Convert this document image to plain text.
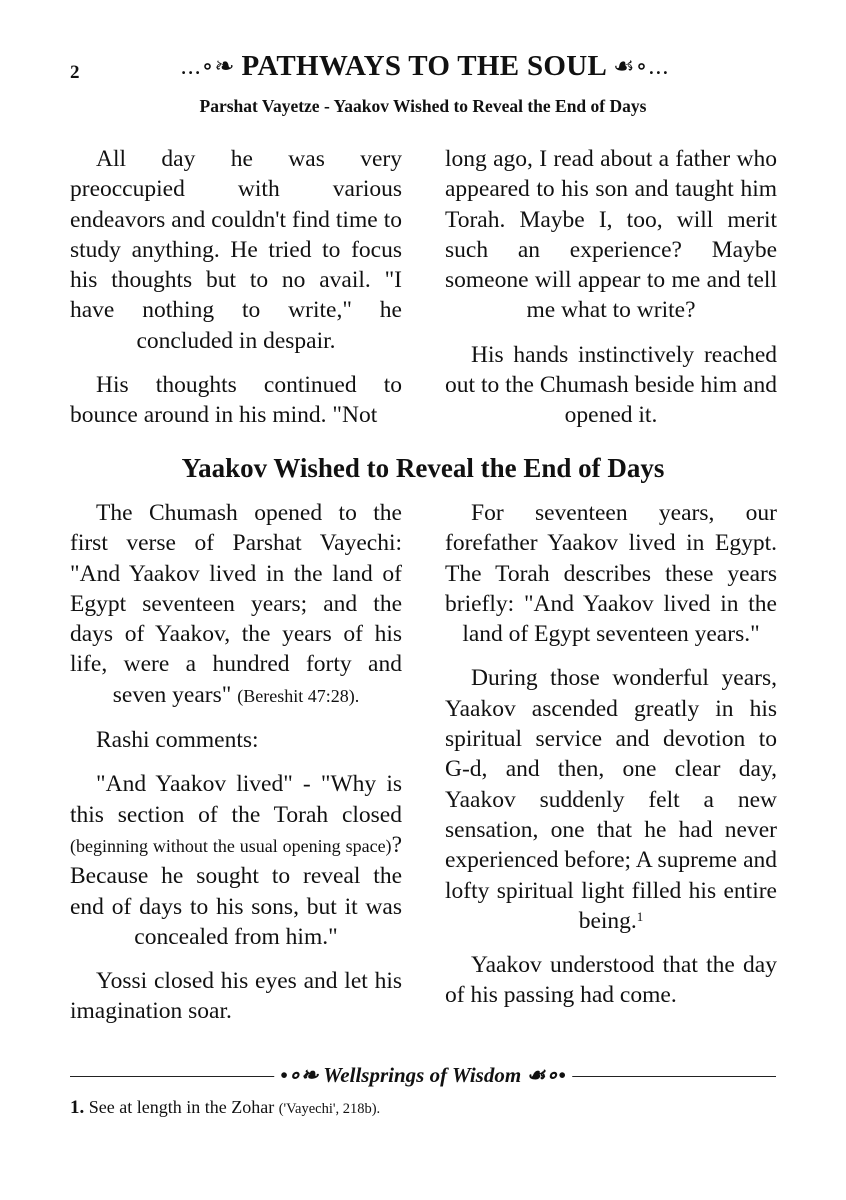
2	...∘❧ PATHWAYS TO THE SOUL ☙∘...
Parshat Vayetze - Yaakov Wished to Reveal the End of Days

All day he was very preoccupied with various endeavors and couldn't find time to study anything. He tried to focus his thoughts but to no avail. "I have nothing to write," he concluded in despair.

His thoughts continued to bounce around in his mind. "Not

long ago, I read about a father who appeared to his son and taught him Torah. Maybe I, too, will merit such an experience? Maybe someone will appear to me and tell me what to write?

His hands instinctively reached out to the Chumash beside him and opened it.

Yaakov Wished to Reveal the End of Days

The Chumash opened to the first verse of Parshat Vayechi: "And Yaakov lived in the land of Egypt seventeen years; and the days of Yaakov, the years of his life, were a hundred forty and seven years" (Bereshit 47:28).

Rashi comments:

"And Yaakov lived" - "Why is this section of the Torah closed (beginning without the usual opening space)? Because he sought to reveal the end of days to his sons, but it was concealed from him."

Yossi closed his eyes and let his imagination soar.

For seventeen years, our forefather Yaakov lived in Egypt. The Torah describes these years briefly: "And Yaakov lived in the land of Egypt seventeen years."

During those wonderful years, Yaakov ascended greatly in his spiritual service and devotion to G-d, and then, one clear day, Yaakov suddenly felt a new sensation, one that he had never experienced before; A supreme and lofty spiritual light filled his entire being.$^1$

Yaakov understood that the day of his passing had come.

•∘❧ Wellsprings of Wisdom ☙∘•
1. See at length in the Zohar ('Vayechi', 218b).
